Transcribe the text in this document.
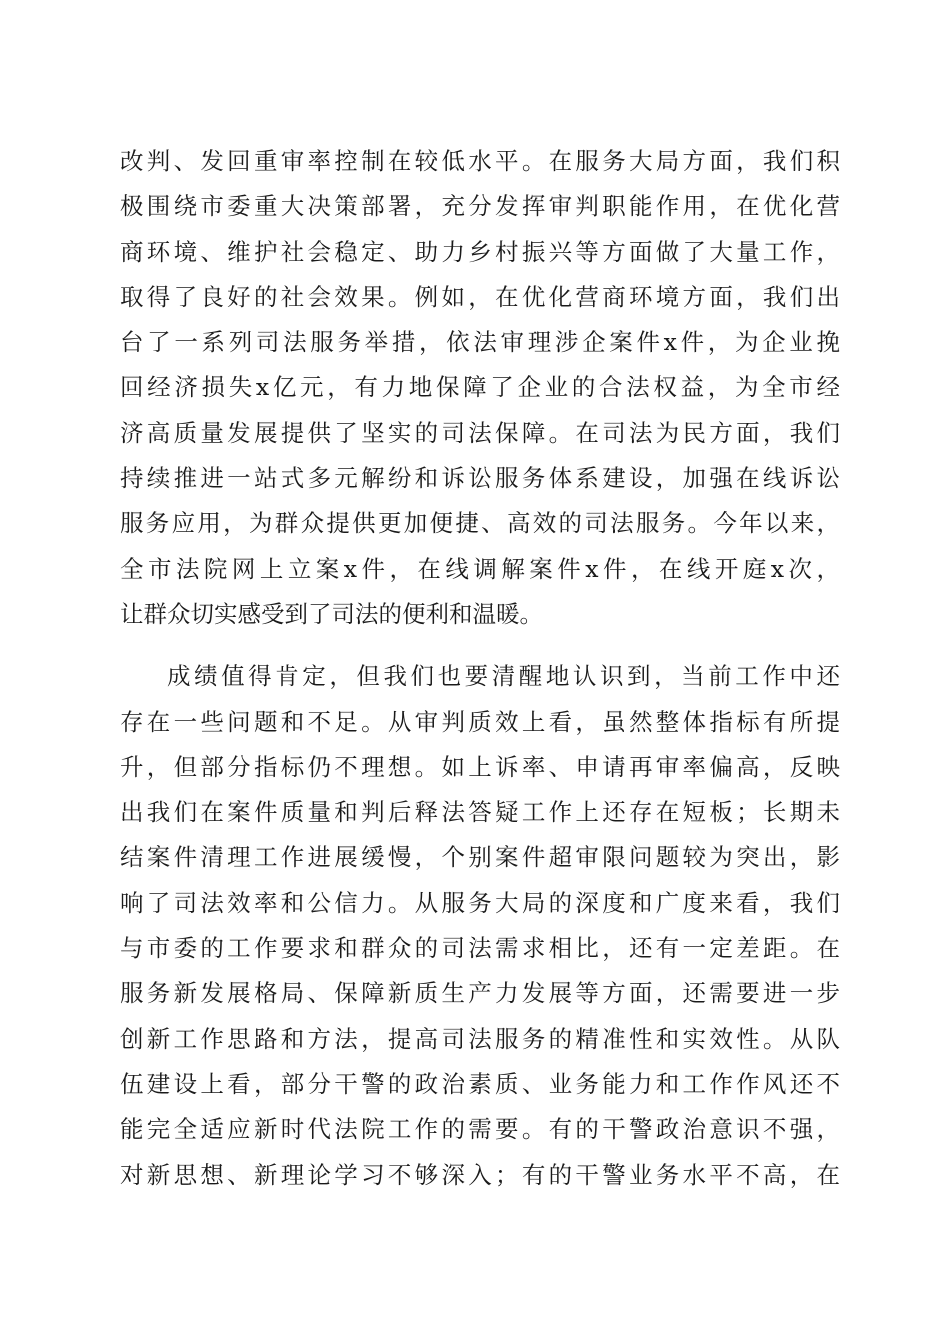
改判、发回重审率控制在较低水平。在服务大局方面，我们积
极围绕市委重大决策部署，充分发挥审判职能作用，在优化营
商环境、维护社会稳定、助力乡村振兴等方面做了大量工作，
取得了良好的社会效果。例如，在优化营商环境方面，我们出
台了一系列司法服务举措，依法审理涉企案件x件，为企业挽
回经济损失x亿元，有力地保障了企业的合法权益，为全市经
济高质量发展提供了坚实的司法保障。在司法为民方面，我们
持续推进一站式多元解纷和诉讼服务体系建设，加强在线诉讼
服务应用，为群众提供更加便捷、高效的司法服务。今年以来，
全市法院网上立案x件，在线调解案件x件，在线开庭x次，
让群众切实感受到了司法的便利和温暖。
成绩值得肯定，但我们也要清醒地认识到，当前工作中还
存在一些问题和不足。从审判质效上看，虽然整体指标有所提
升，但部分指标仍不理想。如上诉率、申请再审率偏高，反映
出我们在案件质量和判后释法答疑工作上还存在短板；长期未
结案件清理工作进展缓慢，个别案件超审限问题较为突出，影
响了司法效率和公信力。从服务大局的深度和广度来看，我们
与市委的工作要求和群众的司法需求相比，还有一定差距。在
服务新发展格局、保障新质生产力发展等方面，还需要进一步
创新工作思路和方法，提高司法服务的精准性和实效性。从队
伍建设上看，部分干警的政治素质、业务能力和工作作风还不
能完全适应新时代法院工作的需要。有的干警政治意识不强，
对新思想、新理论学习不够深入；有的干警业务水平不高，在
